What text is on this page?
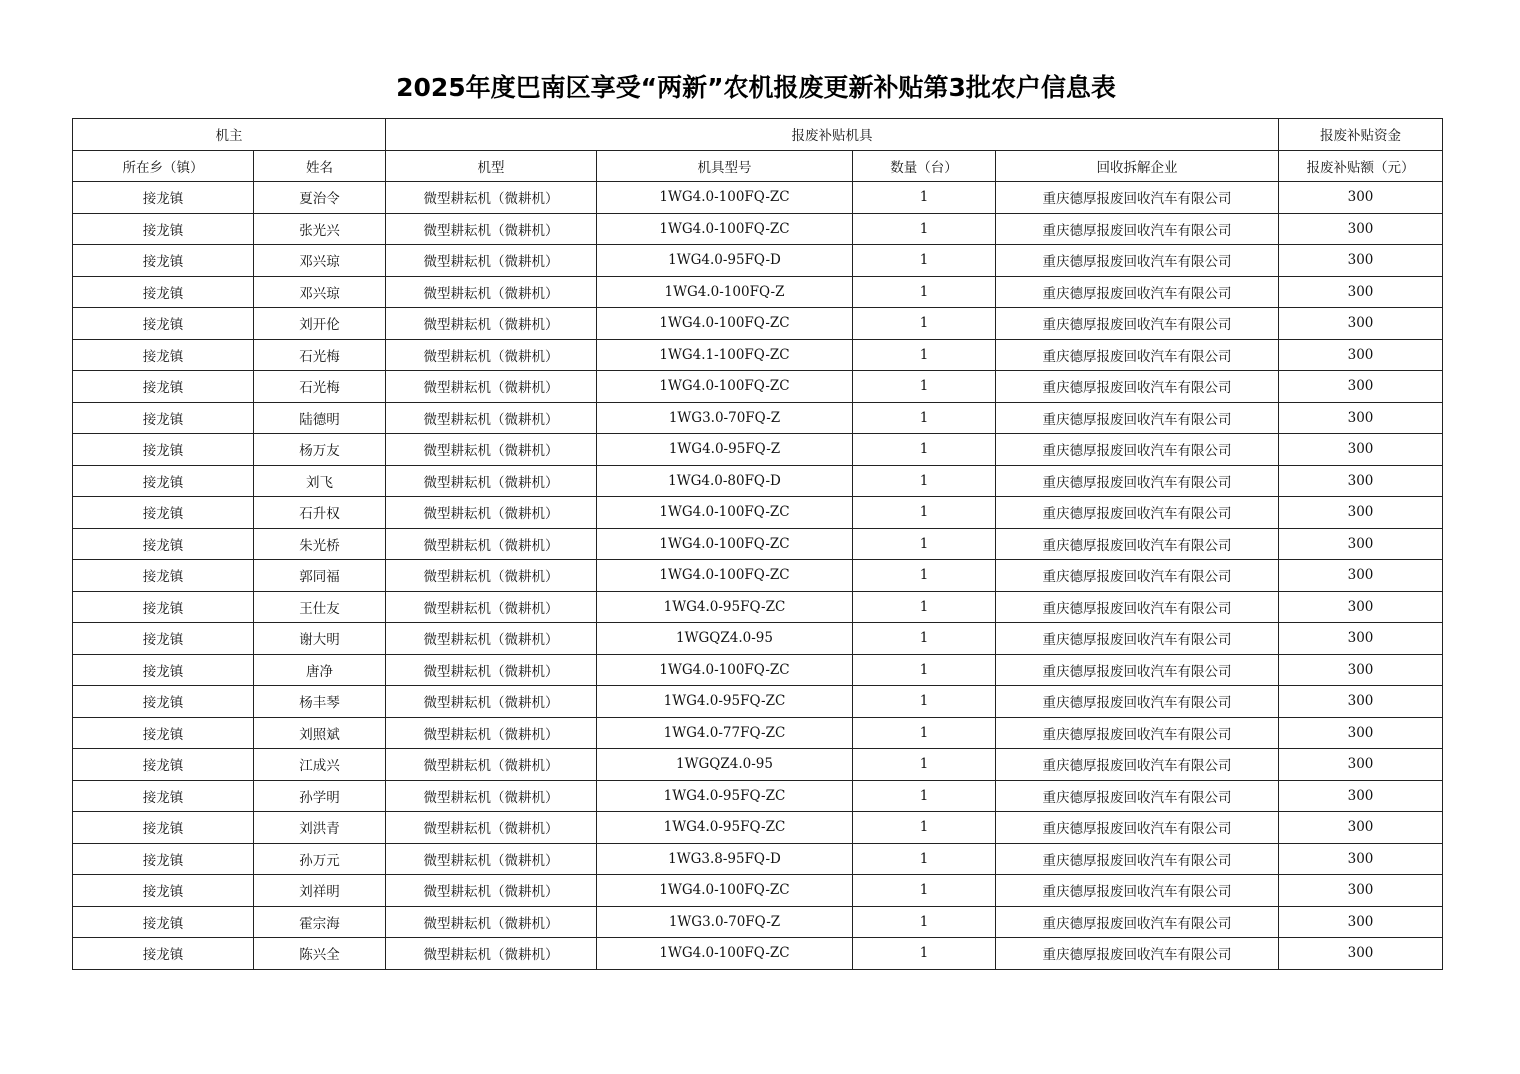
2025年度巴南区享受“两新”农机报废更新补贴第3批农户信息表
机主		报废补贴机具				报废补贴资金
所在乡（镇）	姓名	机型	机具型号	数量（台）	回收拆解企业	报废补贴额（元）
接龙镇	夏治令	微型耕耘机（微耕机）	1WG4.0-100FQ-ZC	1	重庆德厚报废回收汽车有限公司	300
接龙镇	张光兴	微型耕耘机（微耕机）	1WG4.0-100FQ-ZC	1	重庆德厚报废回收汽车有限公司	300
接龙镇	邓兴琼	微型耕耘机（微耕机）	1WG4.0-95FQ-D	1	重庆德厚报废回收汽车有限公司	300
接龙镇	邓兴琼	微型耕耘机（微耕机）	1WG4.0-100FQ-Z	1	重庆德厚报废回收汽车有限公司	300
接龙镇	刘开伦	微型耕耘机（微耕机）	1WG4.0-100FQ-ZC	1	重庆德厚报废回收汽车有限公司	300
接龙镇	石光梅	微型耕耘机（微耕机）	1WG4.1-100FQ-ZC	1	重庆德厚报废回收汽车有限公司	300
接龙镇	石光梅	微型耕耘机（微耕机）	1WG4.0-100FQ-ZC	1	重庆德厚报废回收汽车有限公司	300
接龙镇	陆德明	微型耕耘机（微耕机）	1WG3.0-70FQ-Z	1	重庆德厚报废回收汽车有限公司	300
接龙镇	杨万友	微型耕耘机（微耕机）	1WG4.0-95FQ-Z	1	重庆德厚报废回收汽车有限公司	300
接龙镇	刘飞	微型耕耘机（微耕机）	1WG4.0-80FQ-D	1	重庆德厚报废回收汽车有限公司	300
接龙镇	石升权	微型耕耘机（微耕机）	1WG4.0-100FQ-ZC	1	重庆德厚报废回收汽车有限公司	300
接龙镇	朱光桥	微型耕耘机（微耕机）	1WG4.0-100FQ-ZC	1	重庆德厚报废回收汽车有限公司	300
接龙镇	郭同福	微型耕耘机（微耕机）	1WG4.0-100FQ-ZC	1	重庆德厚报废回收汽车有限公司	300
接龙镇	王仕友	微型耕耘机（微耕机）	1WG4.0-95FQ-ZC	1	重庆德厚报废回收汽车有限公司	300
接龙镇	谢大明	微型耕耘机（微耕机）	1WGQZ4.0-95	1	重庆德厚报废回收汽车有限公司	300
接龙镇	唐净	微型耕耘机（微耕机）	1WG4.0-100FQ-ZC	1	重庆德厚报废回收汽车有限公司	300
接龙镇	杨丰琴	微型耕耘机（微耕机）	1WG4.0-95FQ-ZC	1	重庆德厚报废回收汽车有限公司	300
接龙镇	刘照斌	微型耕耘机（微耕机）	1WG4.0-77FQ-ZC	1	重庆德厚报废回收汽车有限公司	300
接龙镇	江成兴	微型耕耘机（微耕机）	1WGQZ4.0-95	1	重庆德厚报废回收汽车有限公司	300
接龙镇	孙学明	微型耕耘机（微耕机）	1WG4.0-95FQ-ZC	1	重庆德厚报废回收汽车有限公司	300
接龙镇	刘洪青	微型耕耘机（微耕机）	1WG4.0-95FQ-ZC	1	重庆德厚报废回收汽车有限公司	300
接龙镇	孙万元	微型耕耘机（微耕机）	1WG3.8-95FQ-D	1	重庆德厚报废回收汽车有限公司	300
接龙镇	刘祥明	微型耕耘机（微耕机）	1WG4.0-100FQ-ZC	1	重庆德厚报废回收汽车有限公司	300
接龙镇	霍宗海	微型耕耘机（微耕机）	1WG3.0-70FQ-Z	1	重庆德厚报废回收汽车有限公司	300
接龙镇	陈兴全	微型耕耘机（微耕机）	1WG4.0-100FQ-ZC	1	重庆德厚报废回收汽车有限公司	300
